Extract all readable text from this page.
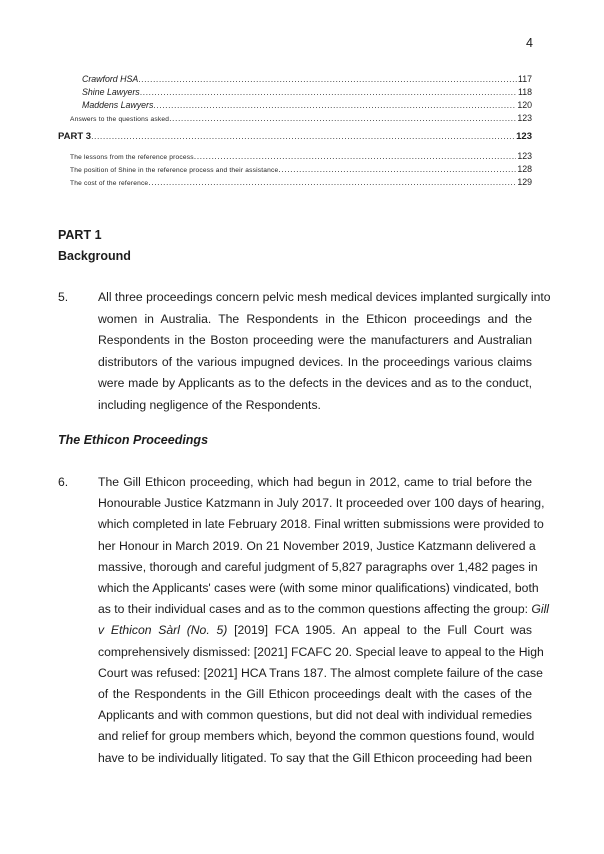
4
Crawford HSA .....	117
Shine Lawyers .....	118
Maddens Lawyers .....	120
Answers to the questions asked .....	123
PART 3 .....	123
The lessons from the reference process .....	123
The position of Shine in the reference process and their assistance .....	128
The cost of the reference .....	129
PART 1
Background
5. All three proceedings concern pelvic mesh medical devices implanted surgically into
women in Australia. The Respondents in the Ethicon proceedings and the
Respondents in the Boston proceeding were the manufacturers and Australian
distributors of the various impugned devices. In the proceedings various claims
were made by Applicants as to the defects in the devices and as to the conduct,
including negligence of the Respondents.
The Ethicon Proceedings
6. The Gill Ethicon proceeding, which had begun in 2012, came to trial before the
Honourable Justice Katzmann in July 2017. It proceeded over 100 days of hearing,
which completed in late February 2018. Final written submissions were provided to
her Honour in March 2019. On 21 November 2019, Justice Katzmann delivered a
massive, thorough and careful judgment of 5,827 paragraphs over 1,482 pages in
which the Applicants' cases were (with some minor qualifications) vindicated, both
as to their individual cases and as to the common questions affecting the group: Gill
v Ethicon Sàrl (No. 5) [2019] FCA 1905. An appeal to the Full Court was
comprehensively dismissed: [2021] FCAFC 20. Special leave to appeal to the High
Court was refused: [2021] HCA Trans 187. The almost complete failure of the case
of the Respondents in the Gill Ethicon proceedings dealt with the cases of the
Applicants and with common questions, but did not deal with individual remedies
and relief for group members which, beyond the common questions found, would
have to be individually litigated. To say that the Gill Ethicon proceeding had been
